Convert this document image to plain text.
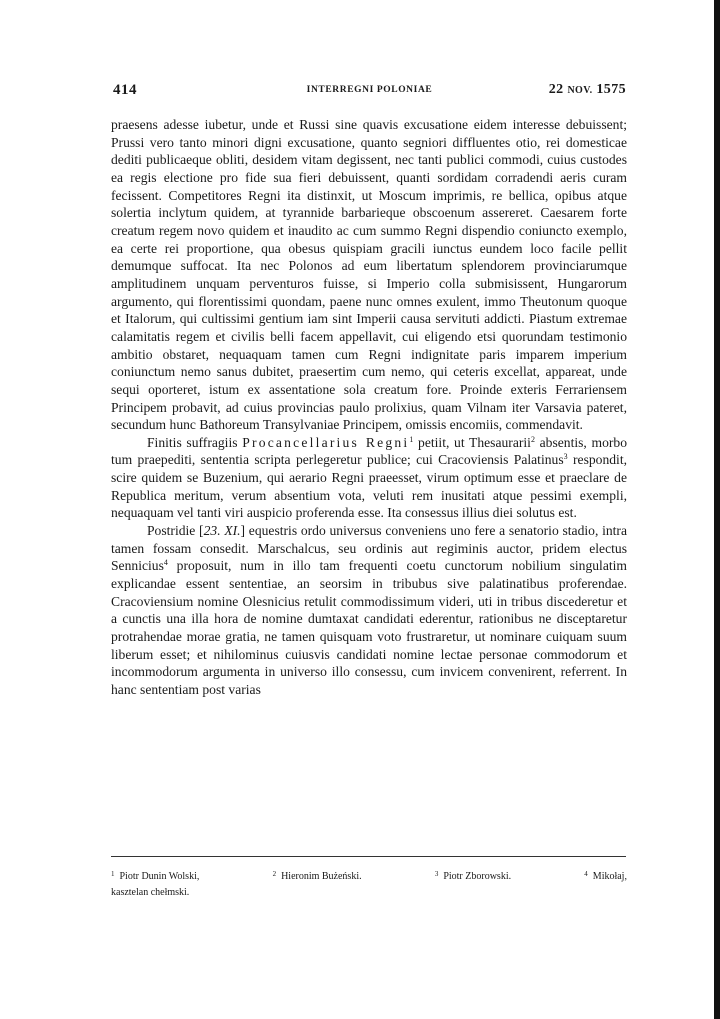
414	INTERREGNI POLONIAE	22 NOV. 1575

praesens adesse iubetur, unde et Russi sine quavis excusatione eidem interesse debuissent; Prussi vero tanto minori digni excusatione, quanto segniori diffluentes otio, rei domesticae dediti publicaeque obliti, desidem vitam degissent, nec tanti publici commodi, cuius custodes ea regis electione pro fide sua fieri debuissent, quanti sordidam corradendi aeris curam fecissent. Competitores Regni ita distinxit, ut Moscum imprimis, re bellica, opibus atque solertia inclytum quidem, at tyrannide barbarieque obscoenum assereret. Caesarem forte creatum regem novo quidem et inaudito ac cum summo Regni dispendio coniuncto exemplo, ea certe rei proportione, qua obesus quispiam gracili iunctus eundem loco facile pellit demumque suffocat. Ita nec Polonos ad eum libertatum splendorem provinciarumque amplitudinem unquam perventuros fuisse, si Imperio colla submisissent, Hungarorum argumento, qui florentissimi quondam, paene nunc omnes exulent, immo Theutonum quoque et Italorum, qui cultissimi gentium iam sint Imperii causa servituti addicti. Piastum extremae calamitatis regem et civilis belli facem appellavit, cui eligendo etsi quorundam testimonio ambitio obstaret, nequaquam tamen cum Regni indignitate paris imparem imperium coniunctum nemo sanus dubitet, praesertim cum nemo, qui ceteris excellat, appareat, unde sequi oporteret, istum ex assentatione sola creatum fore. Proinde exteris Ferrariensem Principem probavit, ad cuius provincias paulo prolixius, quam Vilnam iter Varsavia pateret, secundum hunc Bathoreum Transylvaniae Principem, omissis encomiis, commendavit.

Finitis suffragiis Procancellarius Regni$^1$ petiit, ut Thesaurarii$^2$ absentis, morbo tum praepediti, sententia scripta perlegeretur publice; cui Cracoviensis Palatinus$^3$ respondit, scire quidem se Buzenium, qui aerario Regni praeesset, virum optimum esse et praeclare de Republica meritum, verum absentium vota, veluti rem inusitati atque pessimi exempli, nequaquam vel tanti viri auspicio proferenda esse. Ita consessus illius diei solutus est.

Postridie [23. XI.] equestris ordo universus conveniens uno fere a senatorio stadio, intra tamen fossam consedit. Marschalcus, seu ordinis aut regiminis auctor, pridem electus Sennicius$^4$ proposuit, num in illo tam frequenti coetu cunctorum nobilium singulatim explicandae essent sententiae, an seorsim in tribubus sive palatinatibus proferendae. Cracoviensium nomine Olesnicius retulit commodissimum videri, uti in tribus discederetur et a cunctis una illa hora de nomine dumtaxat candidati ederentur, rationibus ne disceptaretur protrahendae morae gratia, ne tamen quisquam voto frustraretur, ut nominare cuiquam suum liberum esset; et nihilominus cuiusvis candidati nomine lectae personae commodorum et incommodorum argumenta in universo illo consessu, cum invicem convenirent, referrent. In hanc sententiam post varias

$^1$ Piotr Dunin Wolski,	$^2$ Hieronim Bużeński.	$^3$ Piotr Zborowski.	$^4$ Mikołaj,
kasztelan chełmski.
